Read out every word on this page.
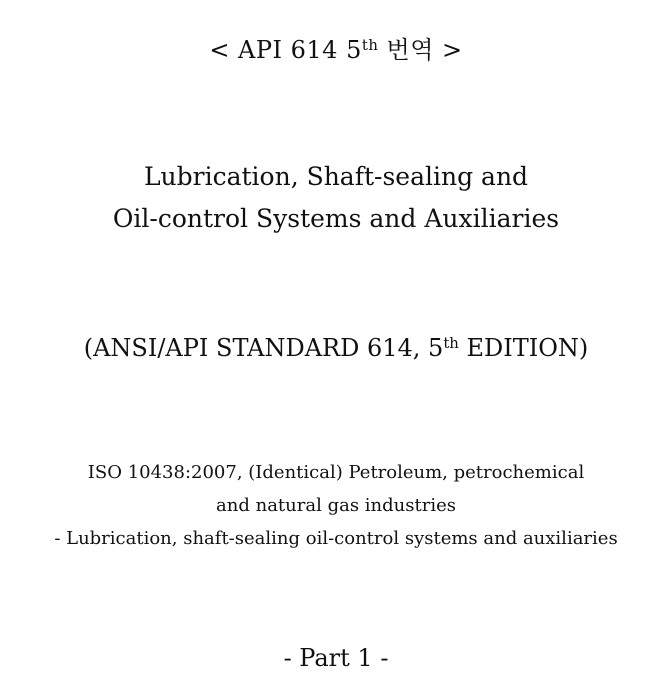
< API 614 5th 번역 >
Lubrication, Shaft-sealing and
Oil-control Systems and Auxiliaries
(ANSI/API STANDARD 614, 5th EDITION)
ISO 10438:2007, (Identical) Petroleum, petrochemical
and natural gas industries
- Lubrication, shaft-sealing oil-control systems and auxiliaries
- Part 1 -
